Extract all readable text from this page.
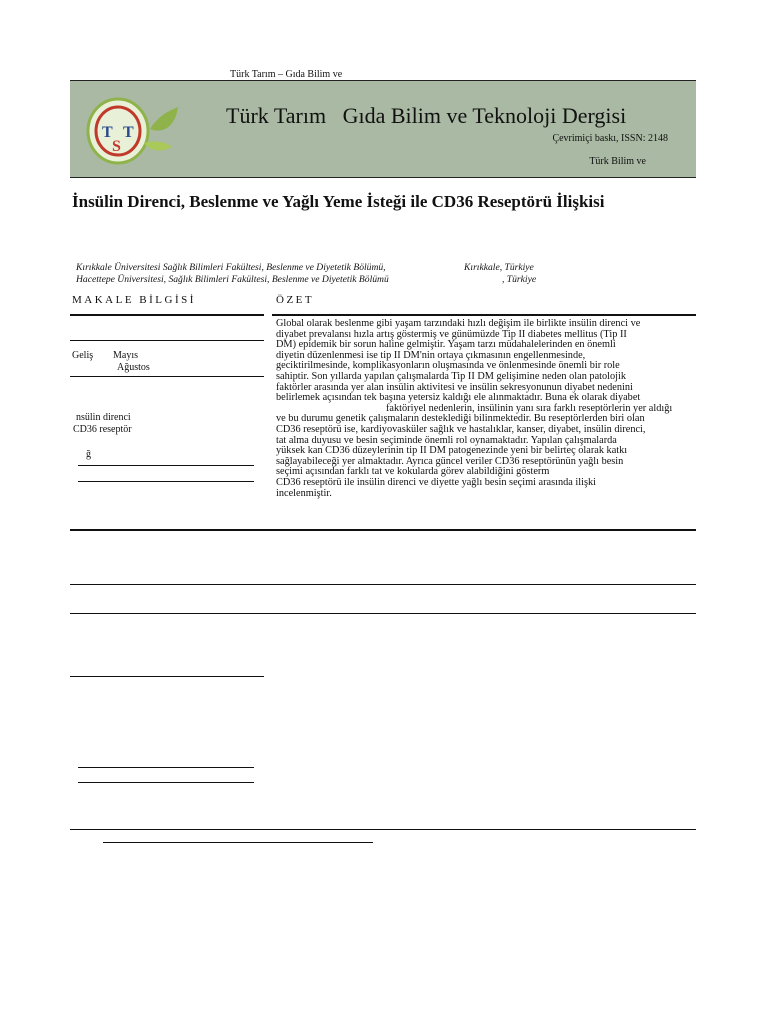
Türk Tarım – Gıda Bilim ve
T
S
T
Türk Tarım   Gıda Bilim ve Teknoloji Dergisi
Çevrimiçi baskı, ISSN: 2148
Türk Bilim ve
İnsülin Direnci, Beslenme ve Yağlı Yeme İsteği ile CD36 Reseptörü İlişkisi
Kırıkkale Üniversitesi Sağlık Bilimleri Fakültesi, Beslenme ve Diyetetik Bölümü,	Kırıkkale, Türkiye
Hacettepe Üniversitesi, Sağlık Bilimleri Fakültesi, Beslenme ve Diyetetik Bölümü	, Türkiye
MAKALE BİLGİSİ	ÖZET
Geliş Mayıs
Ağustos
nsülin direnci
CD36 reseptör
ğ
Global olarak beslenme gibi yaşam tarzındaki hızlı değişim ile birlikte insülin direnci ve
diyabet prevalansı hızla artış göstermiş ve günümüzde Tip II diabetes mellitus (Tip II
DM) epidemik bir sorun haline gelmiştir. Yaşam tarzı müdahalelerinden en önemli
diyetin düzenlenmesi ise tip II DM'nin ortaya çıkmasının engellenmesinde,
geciktirilmesinde, komplikasyonların oluşmasında ve önlenmesinde önemli bir role
sahiptir. Son yıllarda yapılan çalışmalarda Tip II DM gelişimine neden olan patolojik
faktörler arasında yer alan insülin aktivitesi ve insülin sekresyonunun diyabet nedenini
belirlemek açısından tek başına yetersiz kaldığı ele alınmaktadır. Buna ek olarak diyabet
faktöriyel nedenlerin, insülinin yanı sıra farklı reseptörlerin yer aldığı
ve bu durumu genetik çalışmaların desteklediği bilinmektedir. Bu reseptörlerden biri olan
CD36 reseptörü ise, kardiyovasküler sağlık ve hastalıklar, kanser, diyabet, insülin direnci,
tat alma duyusu ve besin seçiminde önemli rol oynamaktadır. Yapılan çalışmalarda
yüksek kan CD36 düzeylerinin tip II DM patogenezinde yeni bir belirteç olarak katkı
sağlayabileceği yer almaktadır. Ayrıca güncel veriler CD36 reseptörünün yağlı besin
seçimi açısından farklı tat ve kokularda görev alabildiğini gösterm
CD36 reseptörü ile insülin direnci ve diyette yağlı besin seçimi arasında ilişki
incelenmiştir.
